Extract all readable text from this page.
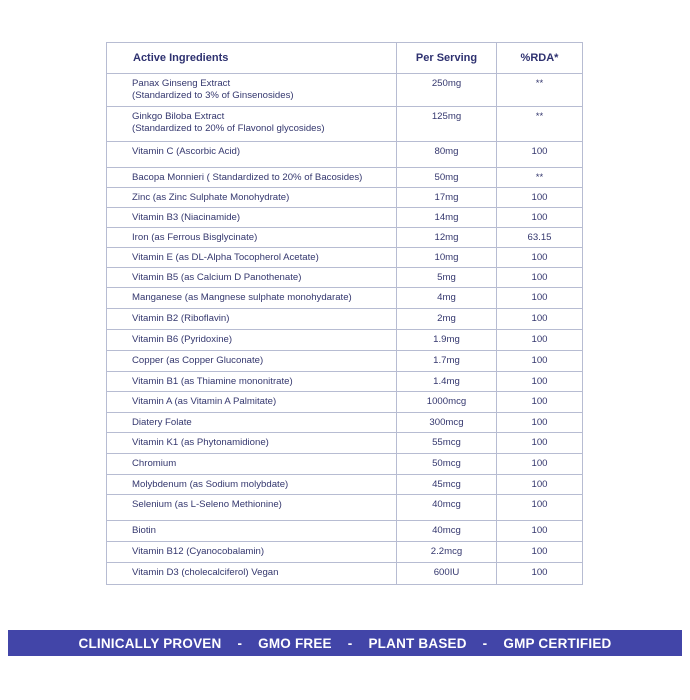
Active Ingredients	Per Serving	%RDA*

Panax Ginseng Extract
(Standardized to 3% of Ginsenosides)	250mg	**

Ginkgo Biloba Extract
(Standardized to 20% of Flavonol glycosides)	125mg	**

Vitamin C (Ascorbic Acid)	80mg	100

Bacopa Monnieri ( Standardized to 20% of Bacosides)	50mg	**

Zinc (as Zinc Sulphate Monohydrate)	17mg	100

Vitamin B3 (Niacinamide)	14mg	100

Iron (as Ferrous Bisglycinate)	12mg	63.15

Vitamin E (as DL-Alpha Tocopherol Acetate)	10mg	100

Vitamin B5 (as Calcium D Panothenate)	5mg	100

Manganese (as Mangnese sulphate monohydarate)	4mg	100

Vitamin B2 (Riboflavin)	2mg	100

Vitamin B6 (Pyridoxine)	1.9mg	100

Copper (as Copper Gluconate)	1.7mg	100

Vitamin B1 (as Thiamine mononitrate)	1.4mg	100

Vitamin A (as Vitamin A Palmitate)	1000mcg	100

Diatery Folate	300mcg	100

Vitamin K1 (as Phytonamidione)	55mcg	100

Chromium	50mcg	100

Molybdenum (as Sodium molybdate)	45mcg	100

Selenium (as L-Seleno Methionine)	40mcg	100

Biotin	40mcg	100

Vitamin B12 (Cyanocobalamin)	2.2mcg	100

Vitamin D3 (cholecalciferol) Vegan	600IU	100
CLINICALLY PROVEN - GMO FREE - PLANT BASED - GMP CERTIFIED
